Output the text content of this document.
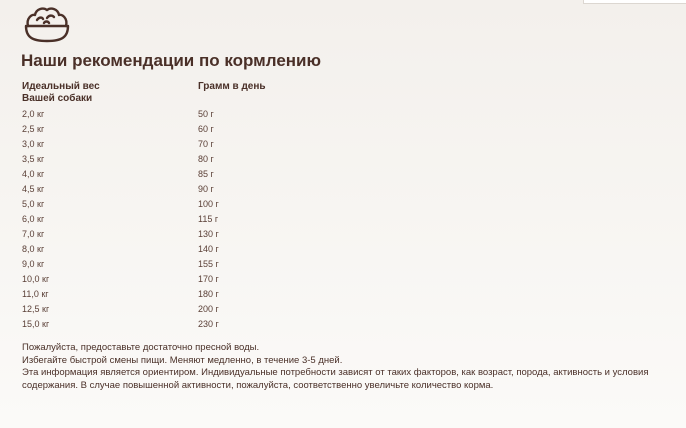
Наши рекомендации по кормлению
Идеальный вес
Вашей собаки
Грамм в день
2,0 кг	50 г
2,5 кг	60 г
3,0 кг	70 г
3,5 кг	80 г
4,0 кг	85 г
4,5 кг	90 г
5,0 кг	100 г
6,0 кг	115 г
7,0 кг	130 г
8,0 кг	140 г
9,0 кг	155 г
10,0 кг	170 г
11,0 кг	180 г
12,5 кг	200 г
15,0 кг	230 г

Пожалуйста, предоставьте достаточно пресной воды.

Избегайте быстрой смены пищи. Меняют медленно, в течение 3-5 дней.

Эта информация является ориентиром. Индивидуальные потребности зависят от таких факторов, как возраст, порода, активность и условия содержания. В случае повышенной активности, пожалуйста, соответственно увеличьте количество корма.
